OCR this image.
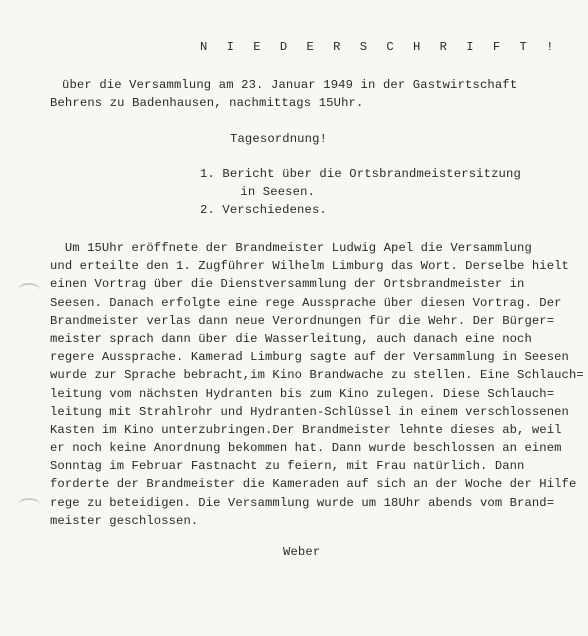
N I E D E R S C H R I F T !
über die Versammlung am 23. Januar 1949 in der Gastwirtschaft
Behrens zu Badenhausen, nachmittags 15Uhr.
Tagesordnung!
1. Bericht über die Ortsbrandmeistersitzung
in Seesen.
2. Verschiedenes.
Um 15Uhr eröffnete der Brandmeister Ludwig Apel die Versammlung
und erteilte den 1. Zugführer Wilhelm Limburg das Wort. Derselbe hielt
einen Vortrag über die Dienstversammlung der Ortsbrandmeister in
Seesen. Danach erfolgte eine rege Aussprache über diesen Vortrag. Der
Brandmeister verlas dann neue Verordnungen für die Wehr. Der Bürger=
meister sprach dann über die Wasserleitung, auch danach eine noch
regere Aussprache. Kamerad Limburg sagte auf der Versammlung in Seesen
wurde zur Sprache bebracht,im Kino Brandwache zu stellen. Eine Schlauch=
leitung vom nächsten Hydranten bis zum Kino zulegen. Diese Schlauch=
leitung mit Strahlrohr und Hydranten-Schlüssel in einem verschlossenen
Kasten im Kino unterzubringen.Der Brandmeister lehnte dieses ab, weil
er noch keine Anordnung bekommen hat. Dann wurde beschlossen an einem
Sonntag im Februar Fastnacht zu feiern, mit Frau natürlich. Dann
forderte der Brandmeister die Kameraden auf sich an der Woche der Hilfe
rege zu beteidigen. Die Versammlung wurde um 18Uhr abends vom Brand=
meister geschlossen.
Weber
